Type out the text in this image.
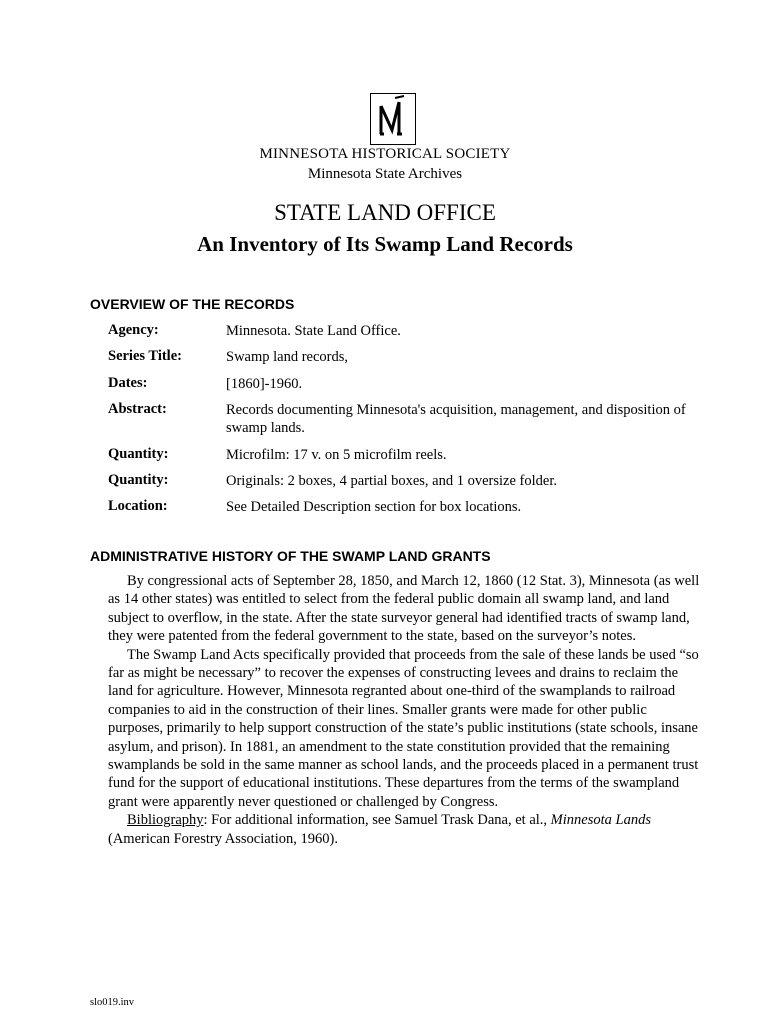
MINNESOTA HISTORICAL SOCIETY
Minnesota State Archives
STATE LAND OFFICE
An Inventory of Its Swamp Land Records
OVERVIEW OF THE RECORDS
Agency:	Minnesota. State Land Office.
Series Title:	Swamp land records,
Dates:	[1860]-1960.
Abstract:	Records documenting Minnesota's acquisition, management, and disposition of swamp lands.
Quantity:	Microfilm: 17 v. on 5 microfilm reels.
Quantity:	Originals: 2 boxes, 4 partial boxes, and 1 oversize folder.
Location:	See Detailed Description section for box locations.
ADMINISTRATIVE HISTORY OF THE SWAMP LAND GRANTS

By congressional acts of September 28, 1850, and March 12, 1860 (12 Stat. 3), Minnesota (as well as 14 other states) was entitled to select from the federal public domain all swamp land, and land subject to overflow, in the state. After the state surveyor general had identified tracts of swamp land, they were patented from the federal government to the state, based on the surveyor’s notes.

The Swamp Land Acts specifically provided that proceeds from the sale of these lands be used “so far as might be necessary” to recover the expenses of constructing levees and drains to reclaim the land for agriculture. However, Minnesota regranted about one-third of the swamplands to railroad companies to aid in the construction of their lines. Smaller grants were made for other public purposes, primarily to help support construction of the state’s public institutions (state schools, insane asylum, and prison). In 1881, an amendment to the state constitution provided that the remaining swamplands be sold in the same manner as school lands, and the proceeds placed in a permanent trust fund for the support of educational institutions. These departures from the terms of the swampland grant were apparently never questioned or challenged by Congress.

Bibliography: For additional information, see Samuel Trask Dana, et al., Minnesota Lands (American Forestry Association, 1960).

slo019.inv
